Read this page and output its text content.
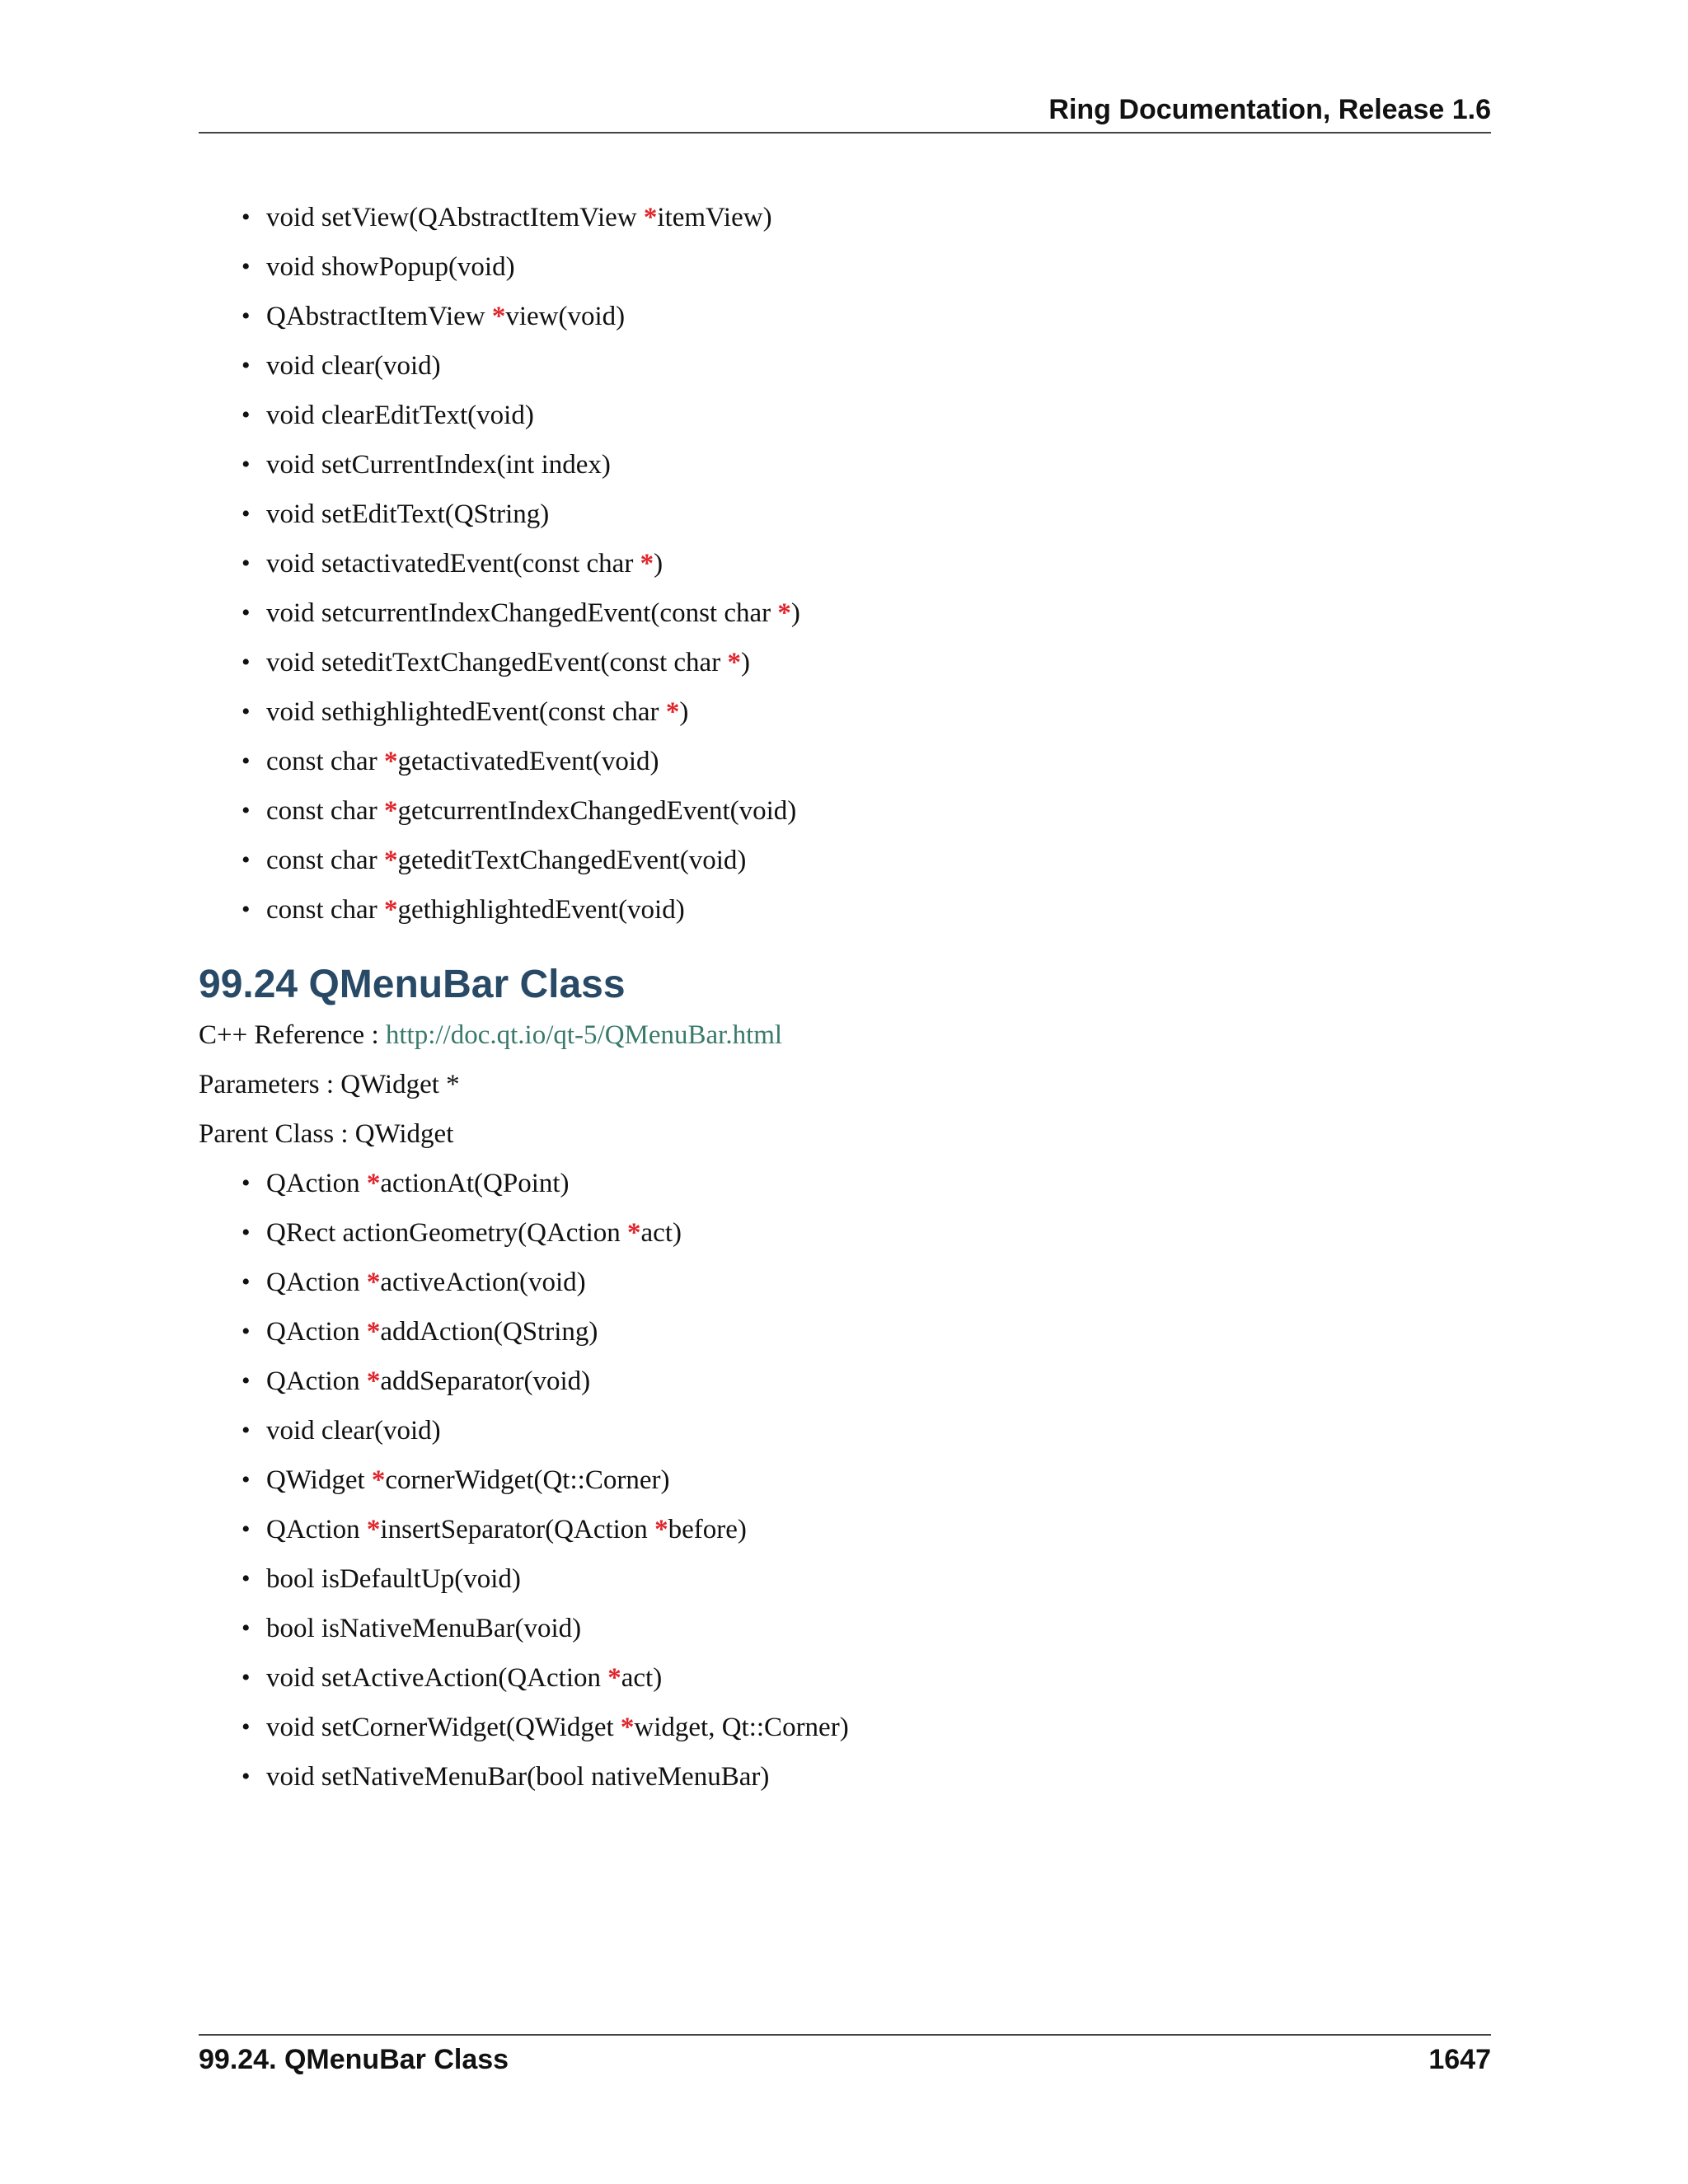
Ring Documentation, Release 1.6
• void setView(QAbstractItemView *itemView)
• void showPopup(void)
• QAbstractItemView *view(void)
• void clear(void)
• void clearEditText(void)
• void setCurrentIndex(int index)
• void setEditText(QString)
• void setactivatedEvent(const char *)
• void setcurrentIndexChangedEvent(const char *)
• void seteditTextChangedEvent(const char *)
• void sethighlightedEvent(const char *)
• const char *getactivatedEvent(void)
• const char *getcurrentIndexChangedEvent(void)
• const char *geteditTextChangedEvent(void)
• const char *gethighlightedEvent(void)
99.24 QMenuBar Class
C++ Reference : http://doc.qt.io/qt-5/QMenuBar.html
Parameters : QWidget *
Parent Class : QWidget
• QAction *actionAt(QPoint)
• QRect actionGeometry(QAction *act)
• QAction *activeAction(void)
• QAction *addAction(QString)
• QAction *addSeparator(void)
• void clear(void)
• QWidget *cornerWidget(Qt::Corner)
• QAction *insertSeparator(QAction *before)
• bool isDefaultUp(void)
• bool isNativeMenuBar(void)
• void setActiveAction(QAction *act)
• void setCornerWidget(QWidget *widget, Qt::Corner)
• void setNativeMenuBar(bool nativeMenuBar)
99.24. QMenuBar Class	1647
